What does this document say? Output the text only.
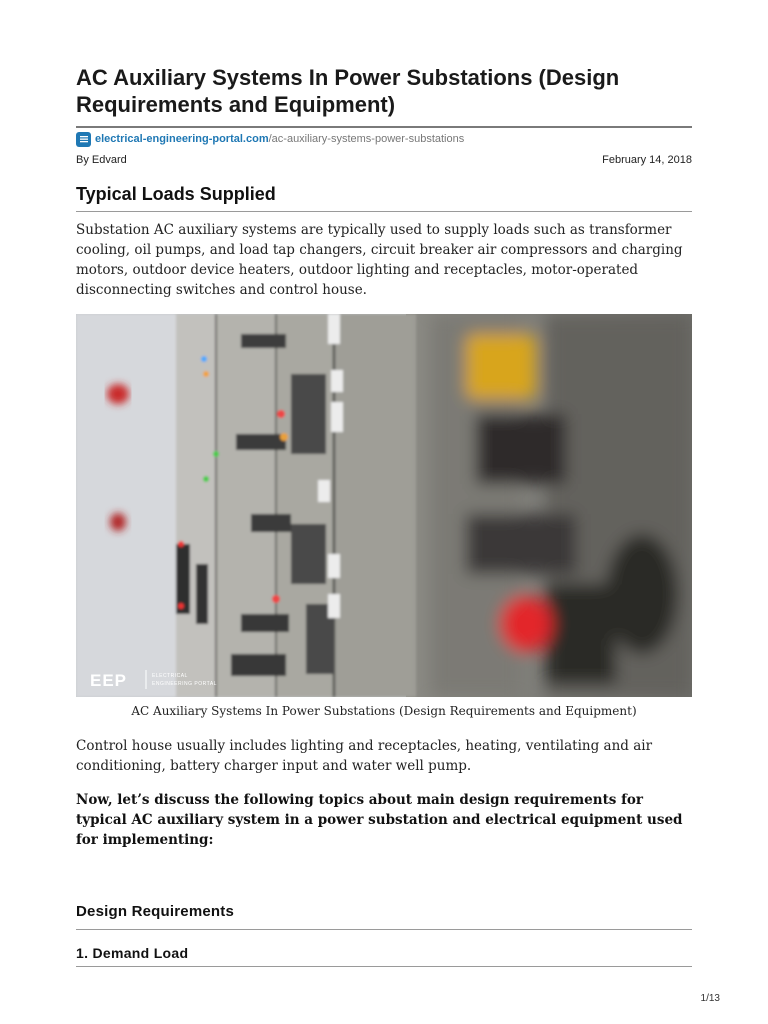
AC Auxiliary Systems In Power Substations (Design Requirements and Equipment)
electrical-engineering-portal.com/ac-auxiliary-systems-power-substations
By Edvard	February 14, 2018
Typical Loads Supplied

Substation AC auxiliary systems are typically used to supply loads such as transformer cooling, oil pumps, and load tap changers, circuit breaker air compressors and charging motors, outdoor device heaters, outdoor lighting and receptacles, motor-operated disconnecting switches and control house.

EEP	ELECTRICAL
ENGINEERING PORTAL
AC Auxiliary Systems In Power Substations (Design Requirements and Equipment)

Control house usually includes lighting and receptacles, heating, ventilating and air conditioning, battery charger input and water well pump.

Now, let’s discuss the following topics about main design requirements for typical AC auxiliary system in a power substation and electrical equipment used for implementing:

Design Requirements
1. Demand Load
1/13
